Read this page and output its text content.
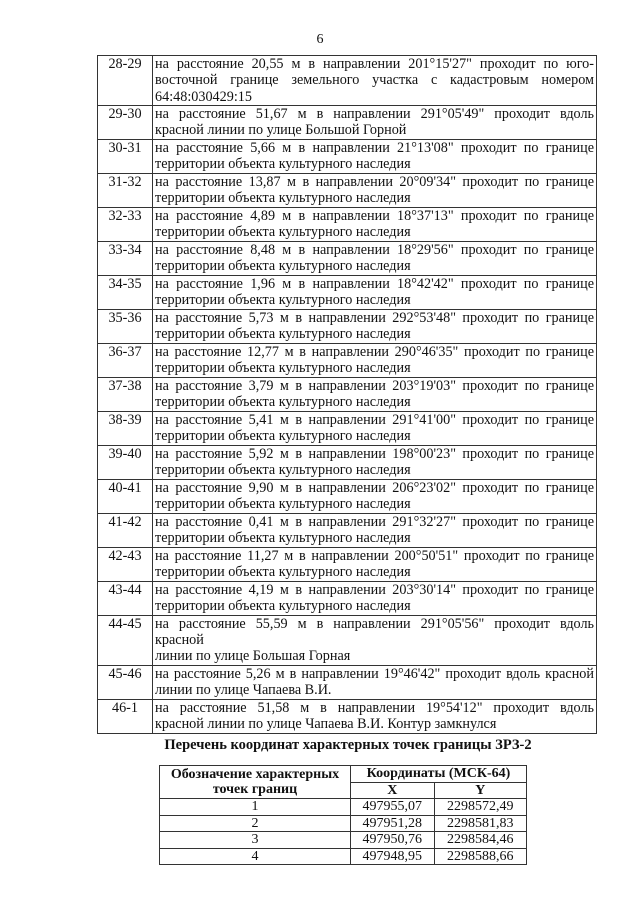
6
28-29	на расстояние 20,55 м в направлении 201°15'27" проходит по юго-
восточной границе земельного участка с кадастровым номером
64:48:030429:15

29-30	на расстояние 51,67 м в направлении 291°05'49" проходит вдоль
красной линии по улице Большой Горной

30-31	на расстояние 5,66 м в направлении 21°13'08" проходит по границе
территории объекта культурного наследия

31-32	на расстояние 13,87 м в направлении 20°09'34" проходит по границе
территории объекта культурного наследия

32-33	на расстояние 4,89 м в направлении 18°37'13" проходит по границе
территории объекта культурного наследия

33-34	на расстояние 8,48 м в направлении 18°29'56" проходит по границе
территории объекта культурного наследия

34-35	на расстояние 1,96 м в направлении 18°42'42" проходит по границе
территории объекта культурного наследия

35-36	на расстояние 5,73 м в направлении 292°53'48" проходит по границе
территории объекта культурного наследия

36-37	на расстояние 12,77 м в направлении 290°46'35" проходит по границе
территории объекта культурного наследия

37-38	на расстояние 3,79 м в направлении 203°19'03" проходит по границе
территории объекта культурного наследия

38-39	на расстояние 5,41 м в направлении 291°41'00" проходит по границе
территории объекта культурного наследия

39-40	на расстояние 5,92 м в направлении 198°00'23" проходит по границе
территории объекта культурного наследия

40-41	на расстояние 9,90 м в направлении 206°23'02" проходит по границе
территории объекта культурного наследия

41-42	на расстояние 0,41 м в направлении 291°32'27" проходит по границе
территории объекта культурного наследия

42-43	на расстояние 11,27 м в направлении 200°50'51" проходит по границе
территории объекта культурного наследия

43-44	на расстояние 4,19 м в направлении 203°30'14" проходит по границе
территории объекта культурного наследия

44-45	на расстояние 55,59 м в направлении 291°05'56" проходит вдоль красной
линии по улице Большая Горная

45-46	на расстояние 5,26 м в направлении 19°46'42" проходит вдоль красной
линии по улице Чапаева В.И.

46-1	на расстояние 51,58 м в направлении 19°54'12" проходит вдоль
красной линии по улице Чапаева В.И. Контур замкнулся
Перечень координат характерных точек границы ЗРЗ-2
Обозначение характерных точек границ	Координаты (МСК-64)	
	X	Y
1	497955,07	2298572,49
2	497951,28	2298581,83
3	497950,76	2298584,46
4	497948,95	2298588,66
